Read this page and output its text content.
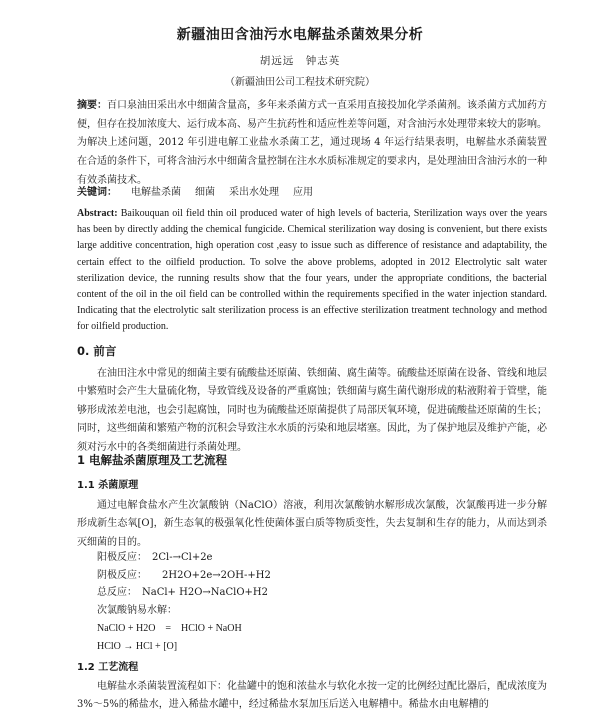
新疆油田含油污水电解盐杀菌效果分析
胡远远　钟志英
（新疆油田公司工程技术研究院）
摘要：百口泉油田采出水中细菌含量高，多年来杀菌方式一直采用直接投加化学杀菌剂。该杀菌方式加药方便，但存在投加浓度大、运行成本高、易产生抗药性和适应性差等问题，对含油污水处理带来较大的影响。为解决上述问题，2012 年引进电解工业盐水杀菌工艺，通过现场 4 年运行结果表明，电解盐水杀菌装置在合适的条件下，可将含油污水中细菌含量控制在注水水质标准规定的要求内，是处理油田含油污水的一种有效杀菌技术。
关键词： 电解盐杀菌 细菌 采出水处理 应用
Abstract: Baikouquan oil field thin oil produced water of high levels of bacteria, Sterilization ways over the years has been by directly adding the chemical fungicide. Chemical sterilization way dosing is convenient, but there exists large additive concentration, high operation cost ,easy to issue such as difference of resistance and adaptability, the certain effect to the oilfield production. To solve the above problems, adopted in 2012 Electrolytic salt water sterilization device, the running results show that the four years, under the appropriate conditions, the bacterial content of the oil in the oil field can be controlled within the requirements specified in the water injection standard. Indicating that the electrolytic salt sterilization process is an effective sterilization treatment technology and method for oilfield production.
0. 前言
在油田注水中常见的细菌主要有硫酸盐还原菌、铁细菌、腐生菌等。硫酸盐还原菌在设备、管线和地层中繁殖时会产生大量硫化物，导致管线及设备的严重腐蚀；铁细菌与腐生菌代谢形成的粘液附着于管壁，能够形成浓差电池，也会引起腐蚀，同时也为硫酸盐还原菌提供了局部厌氧环境，促进硫酸盐还原菌的生长；同时，这些细菌和繁殖产物的沉积会导致注水水质的污染和地层堵塞。因此，为了保护地层及维护产能，必须对污水中的各类细菌进行杀菌处理。
1 电解盐杀菌原理及工艺流程
1.1 杀菌原理
通过电解食盐水产生次氯酸钠（NaClO）溶液，利用次氯酸钠水解形成次氯酸，次氯酸再进一步分解形成新生态氧[O]，新生态氧的极强氧化性使菌体蛋白质等物质变性，失去复制和生存的能力，从而达到杀灭细菌的目的。
阳极反应：　2Cl-→Cl+2e
阴极反应：　　2H2O+2e→2OH-+H2
总反应：　NaCl+ H2O→NaClO+H2
次氯酸钠易水解：
NaClO + H2O　=　HClO + NaOH
HClO → HCl + [O]
1.2 工艺流程
电解盐水杀菌装置流程如下：化盐罐中的饱和浓盐水与软化水按一定的比例经过配比器后，配成浓度为 3%～5%的稀盐水，进入稀盐水罐中，经过稀盐水泵加压后送入电解槽中。稀盐水由电解槽的
